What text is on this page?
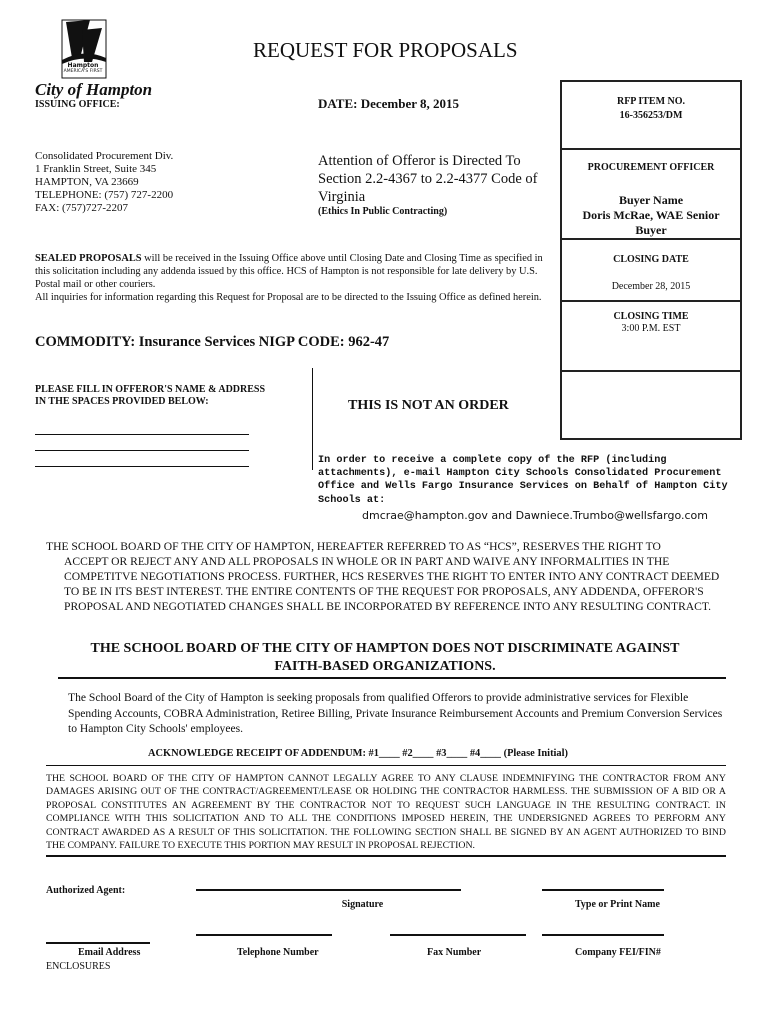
Hampton
AMERICA'S FIRST
REQUEST FOR PROPOSALS
City of Hampton
ISSUING OFFICE:	DATE: December 8, 2015
Consolidated Procurement Div.
1 Franklin Street, Suite 345
HAMPTON, VA 23669
TELEPHONE: (757) 727-2200
FAX: (757)727-2207
Attention of Offeror is Directed To Section 2.2-4367 to 2.2-4377 Code of Virginia
(Ethics In Public Contracting)
RFP ITEM NO.
16-356253/DM
PROCUREMENT OFFICER
Buyer Name
Doris McRae, WAE Senior
Buyer
CLOSING DATE
December 28, 2015
CLOSING TIME
3:00 P.M. EST
SEALED PROPOSALS will be received in the Issuing Office above until Closing Date and Closing Time as specified in this solicitation including any addenda issued by this office. HCS of Hampton is not responsible for late delivery by U.S. Postal mail or other couriers.
All inquiries for information regarding this Request for Proposal are to be directed to the Issuing Office as defined herein.
COMMODITY: Insurance Services NIGP CODE: 962-47
PLEASE FILL IN OFFEROR'S NAME & ADDRESS
IN THE SPACES PROVIDED BELOW:	THIS IS NOT AN ORDER
In order to receive a complete copy of the RFP (including attachments), e-mail Hampton City Schools Consolidated Procurement Office and Wells Fargo Insurance Services on Behalf of Hampton City Schools at:
dmcrae@hampton.gov and Dawniece.Trumbo@wellsfargo.com
THE SCHOOL BOARD OF THE CITY OF HAMPTON, HEREAFTER REFERRED TO AS “HCS”, RESERVES THE RIGHT TO
ACCEPT OR REJECT ANY AND ALL PROPOSALS IN WHOLE OR IN PART AND WAIVE ANY INFORMALITIES IN THE COMPETITVE NEGOTIATIONS PROCESS. FURTHER, HCS RESERVES THE RIGHT TO ENTER INTO ANY CONTRACT DEEMED TO BE IN ITS BEST INTEREST. THE ENTIRE CONTENTS OF THE REQUEST FOR PROPOSALS, ANY ADDENDA, OFFEROR'S PROPOSAL AND NEGOTIATED CHANGES SHALL BE INCORPORATED BY REFERENCE INTO ANY RESULTING CONTRACT.
THE SCHOOL BOARD OF THE CITY OF HAMPTON DOES NOT DISCRIMINATE AGAINST
FAITH-BASED ORGANIZATIONS.
The School Board of the City of Hampton is seeking proposals from qualified Offerors to provide administrative services for Flexible Spending Accounts, COBRA Administration, Retiree Billing, Private Insurance Reimbursement Accounts and Premium Conversion Services to Hampton City Schools' employees.
ACKNOWLEDGE RECEIPT OF ADDENDUM: #1____ #2____ #3____ #4____ (Please Initial)
THE SCHOOL BOARD OF THE CITY OF HAMPTON CANNOT LEGALLY AGREE TO ANY CLAUSE INDEMNIFYING THE CONTRACTOR FROM ANY DAMAGES ARISING OUT OF THE CONTRACT/AGREEMENT/LEASE OR HOLDING THE CONTRACTOR HARMLESS. THE SUBMISSION OF A BID OR A PROPOSAL CONSTITUTES AN AGREEMENT BY THE CONTRACTOR NOT TO REQUEST SUCH LANGUAGE IN THE RESULTING CONTRACT. IN COMPLIANCE WITH THIS SOLICITATION AND TO ALL THE CONDITIONS IMPOSED HEREIN, THE UNDERSIGNED AGREES TO PERFORM ANY CONTRACT AWARDED AS A RESULT OF THIS SOLICITATION. THE FOLLOWING SECTION SHALL BE SIGNED BY AN AGENT AUTHORIZED TO BIND THE COMPANY. FAILURE TO EXECUTE THIS PORTION MAY RESULT IN PROPOSAL REJECTION.
Authorized Agent:
Signature	Type or Print Name
Email Address	Telephone Number	Fax Number	Company FEI/FIN#
ENCLOSURES
